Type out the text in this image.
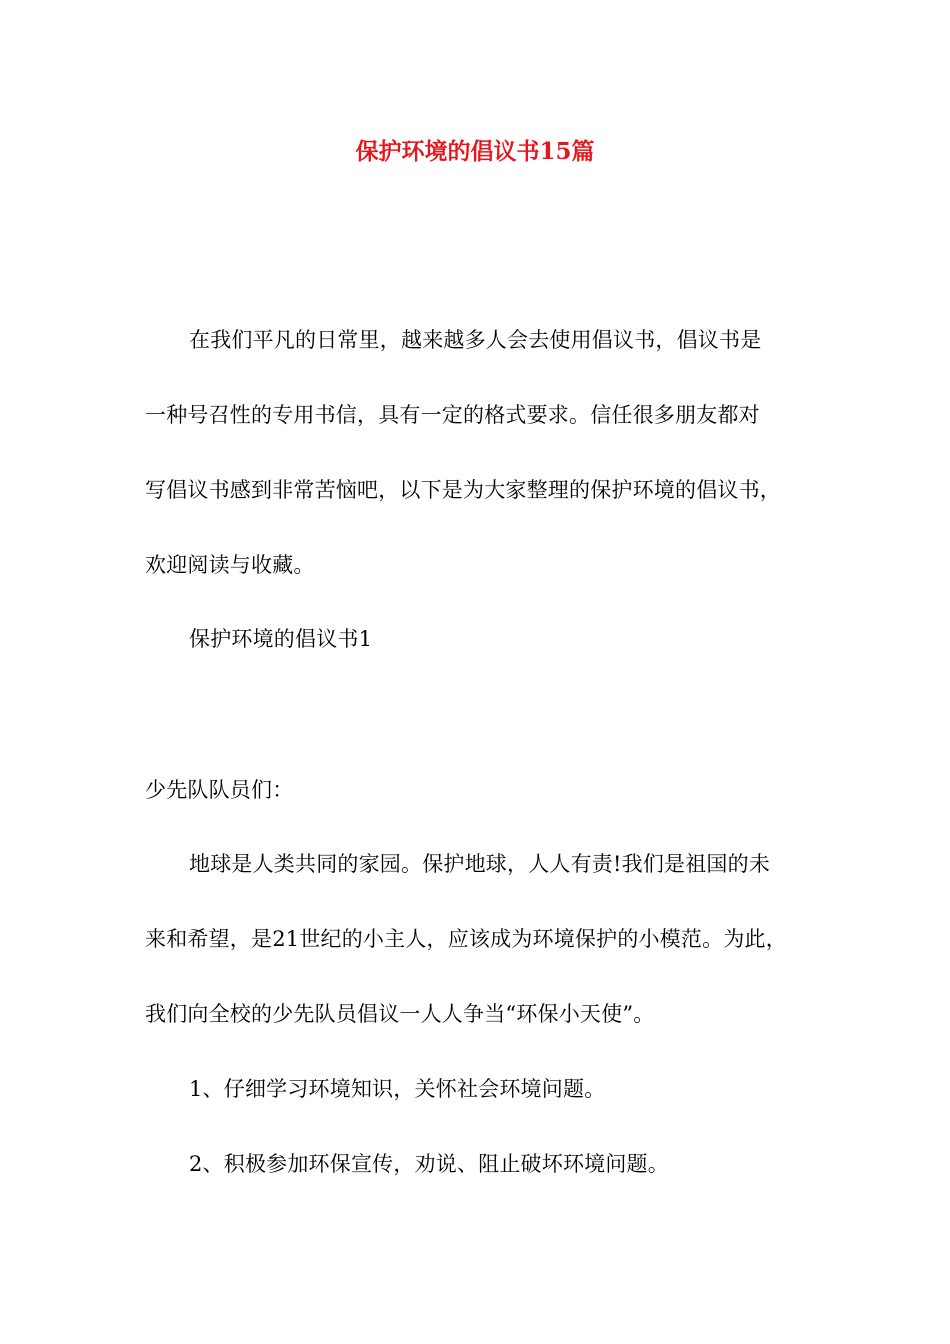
保护环境的倡议书15篇
在我们平凡的日常里，越来越多人会去使用倡议书，倡议书是
一种号召性的专用书信，具有一定的格式要求。信任很多朋友都对
写倡议书感到非常苦恼吧，以下是为大家整理的保护环境的倡议书，
欢迎阅读与收藏。
保护环境的倡议书1
少先队队员们：
地球是人类共同的家园。保护地球，人人有责!我们是祖国的未
来和希望，是21世纪的小主人，应该成为环境保护的小模范。为此，
我们向全校的少先队员倡议一人人争当“环保小天使”。
1、仔细学习环境知识，关怀社会环境问题。
2、积极参加环保宣传，劝说、阻止破坏环境问题。
